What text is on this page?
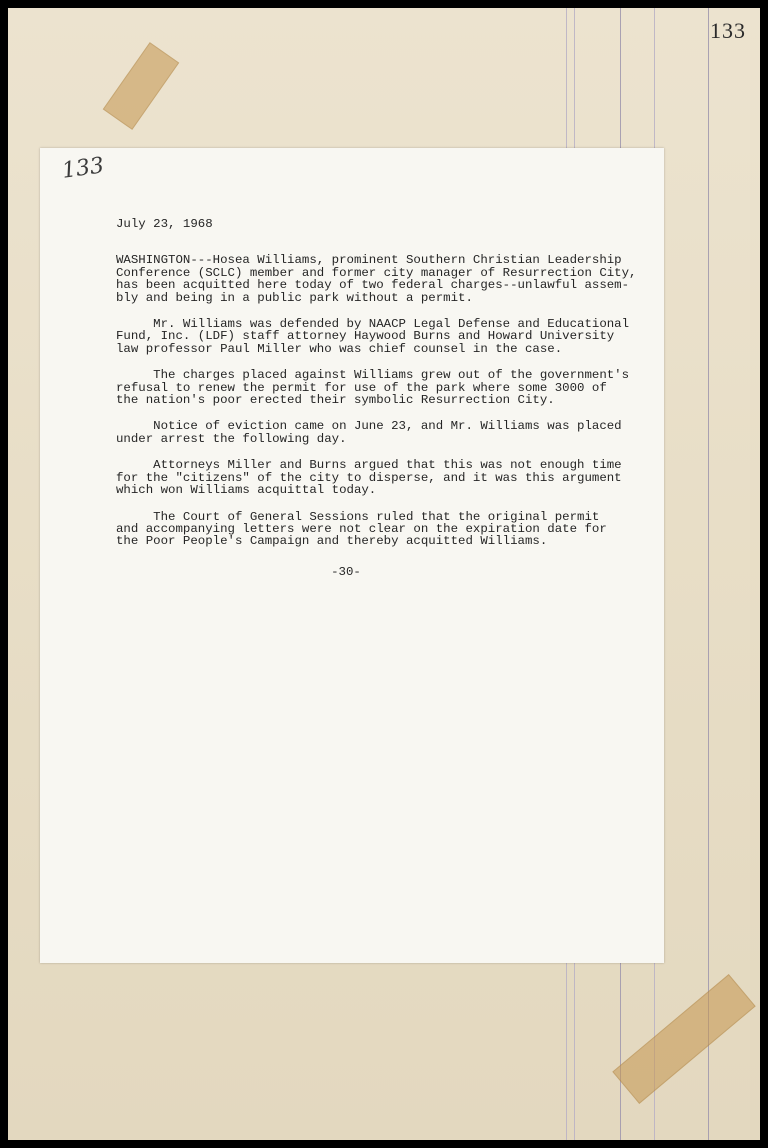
133
133
July 23, 1968
WASHINGTON---Hosea Williams, prominent Southern Christian Leadership
Conference (SCLC) member and former city manager of Resurrection City,
has been acquitted here today of two federal charges--unlawful assem-
bly and being in a public park without a permit.
Mr. Williams was defended by NAACP Legal Defense and Educational
Fund, Inc. (LDF) staff attorney Haywood Burns and Howard University
law professor Paul Miller who was chief counsel in the case.
The charges placed against Williams grew out of the government's
refusal to renew the permit for use of the park where some 3000 of
the nation's poor erected their symbolic Resurrection City.
Notice of eviction came on June 23, and Mr. Williams was placed
under arrest the following day.
Attorneys Miller and Burns argued that this was not enough time
for the "citizens" of the city to disperse, and it was this argument
which won Williams acquittal today.
The Court of General Sessions ruled that the original permit
and accompanying letters were not clear on the expiration date for
the Poor People's Campaign and thereby acquitted Williams.
-30-
